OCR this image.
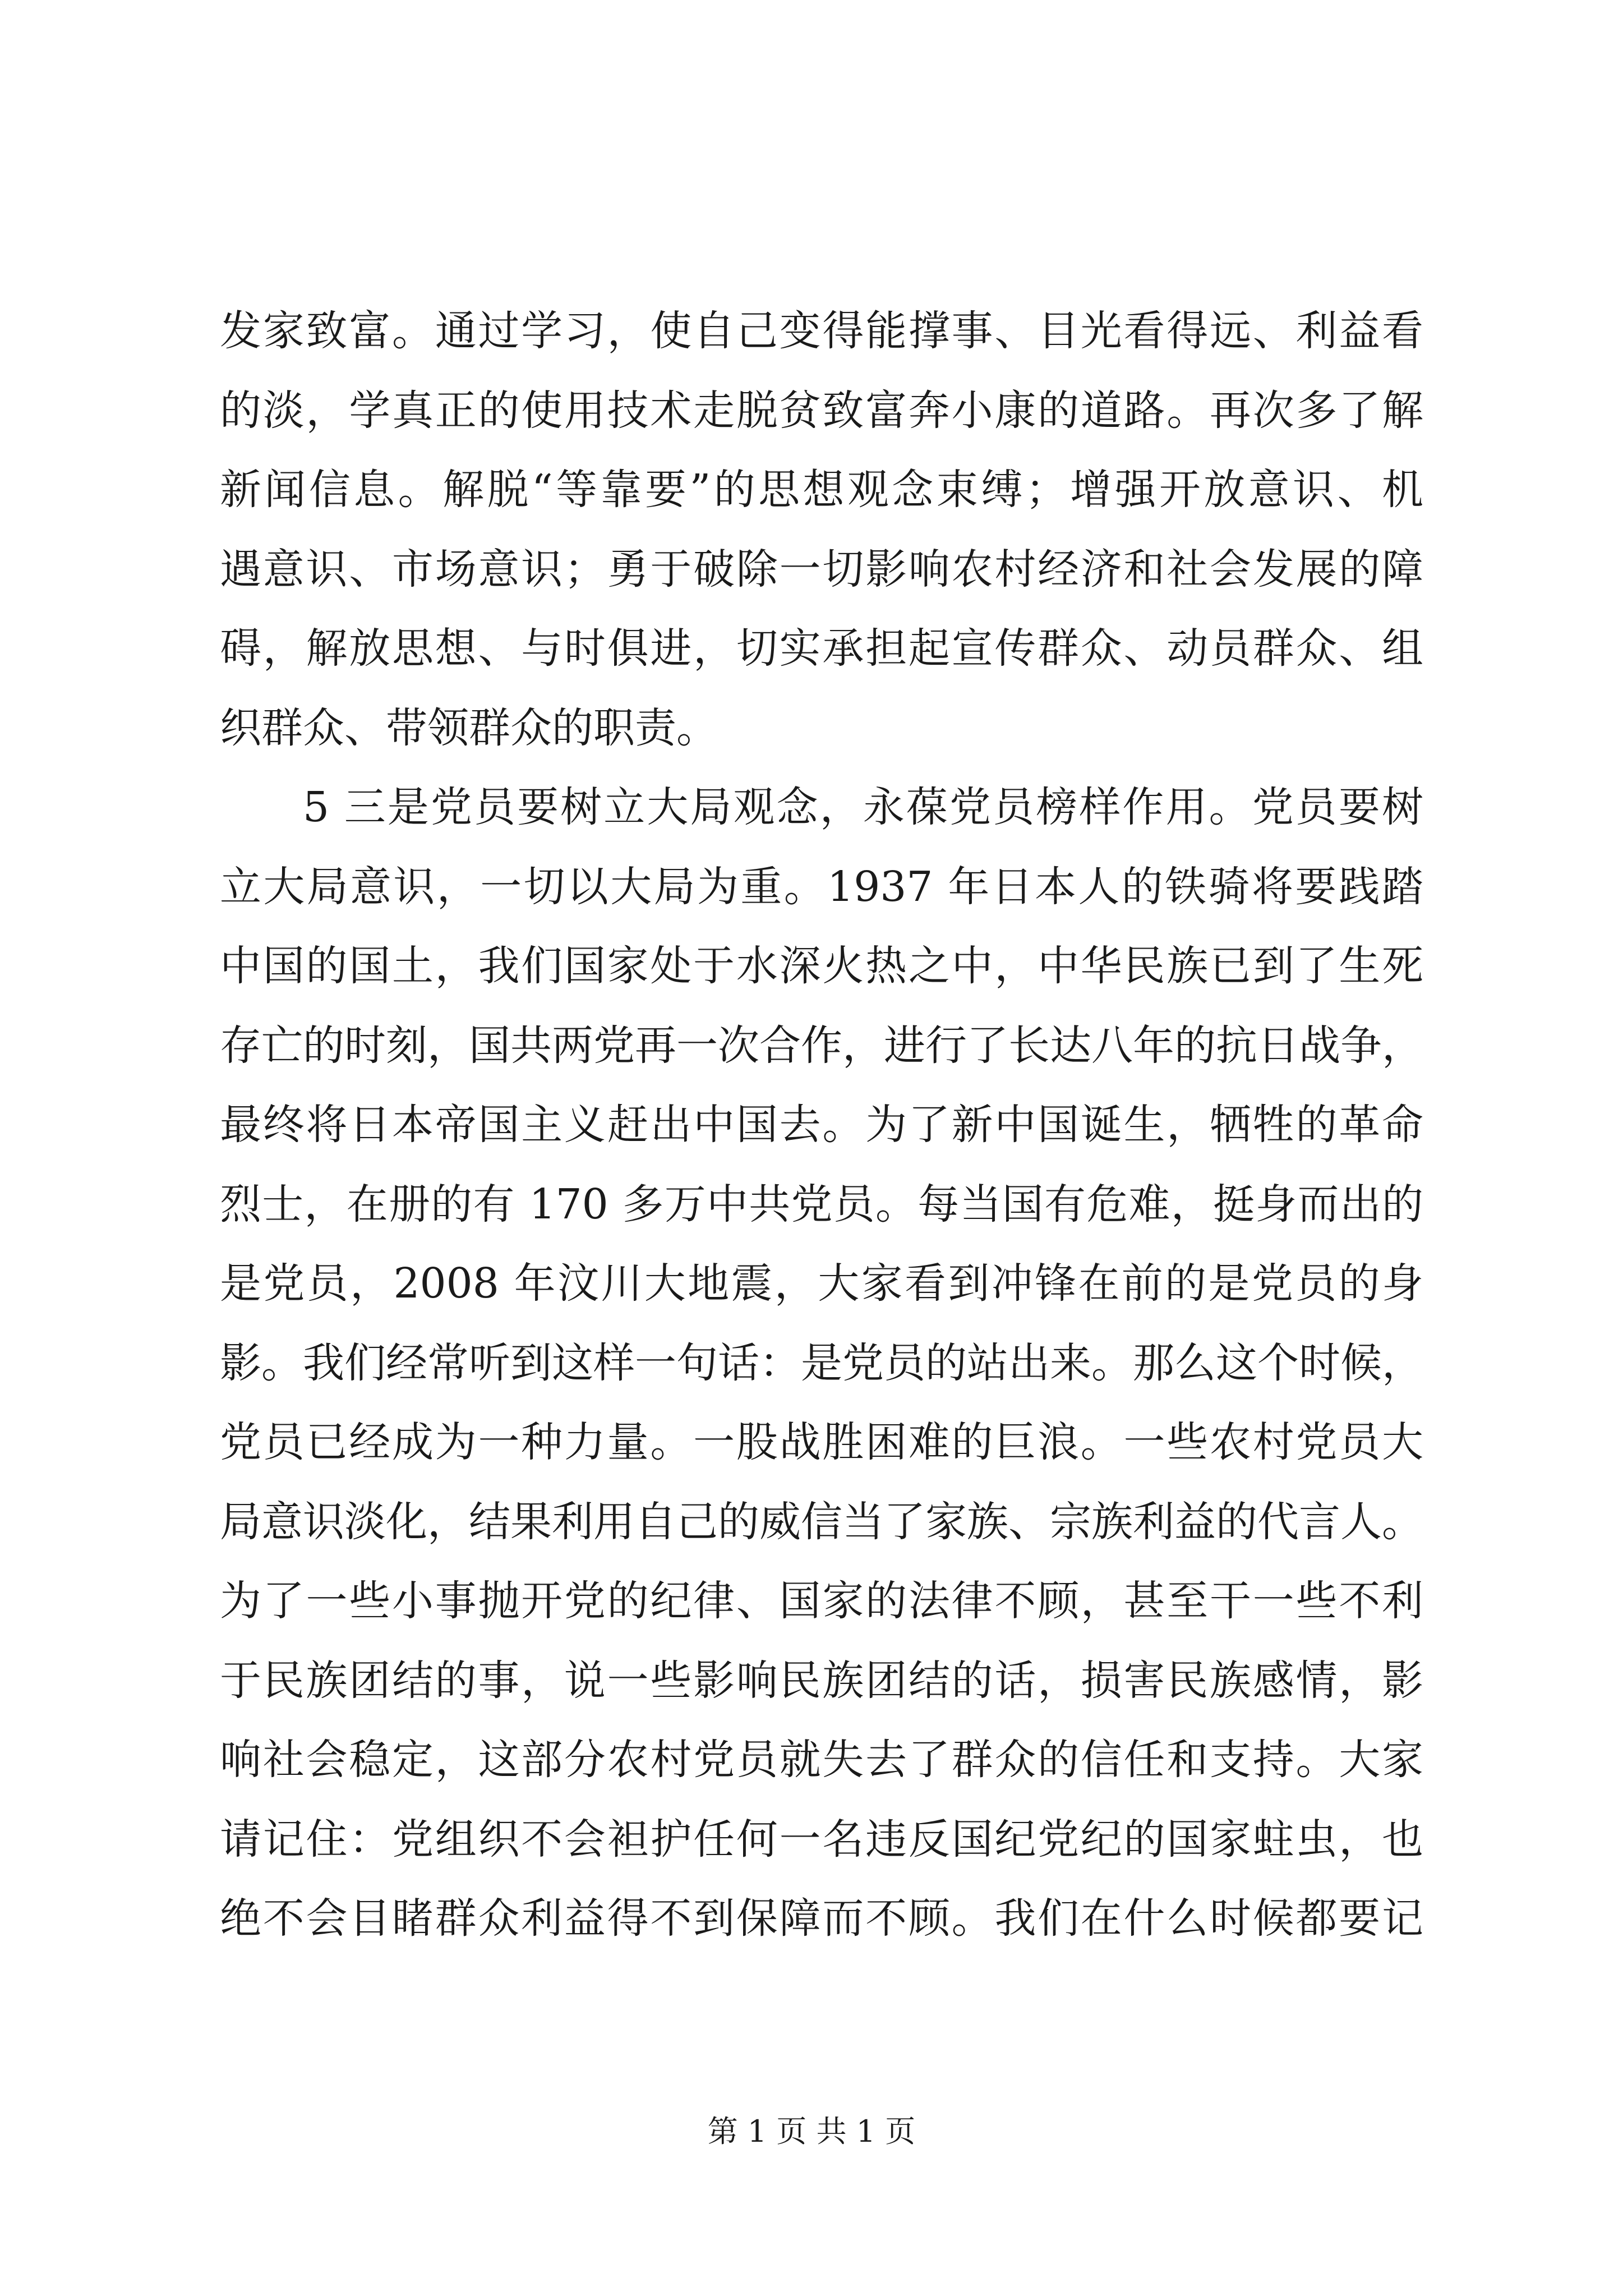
发家致富。通过学习，使自己变得能撑事、目光看得远、利益看
的淡，学真正的使用技术走脱贫致富奔小康的道路。再次多了解
新闻信息。解脱“等靠要”的思想观念束缚；增强开放意识、机
遇意识、市场意识；勇于破除一切影响农村经济和社会发展的障
碍，解放思想、与时俱进，切实承担起宣传群众、动员群众、组
织群众、带领群众的职责。
5 三是党员要树立大局观念，永葆党员榜样作用。党员要树
立大局意识，一切以大局为重。1937 年日本人的铁骑将要践踏
中国的国土，我们国家处于水深火热之中，中华民族已到了生死
存亡的时刻，国共两党再一次合作，进行了长达八年的抗日战争，
最终将日本帝国主义赶出中国去。为了新中国诞生，牺牲的革命
烈士，在册的有 170 多万中共党员。每当国有危难，挺身而出的
是党员，2008 年汶川大地震，大家看到冲锋在前的是党员的身
影。我们经常听到这样一句话：是党员的站出来。那么这个时候，
党员已经成为一种力量。一股战胜困难的巨浪。一些农村党员大
局意识淡化，结果利用自己的威信当了家族、宗族利益的代言人。
为了一些小事抛开党的纪律、国家的法律不顾，甚至干一些不利
于民族团结的事，说一些影响民族团结的话，损害民族感情，影
响社会稳定，这部分农村党员就失去了群众的信任和支持。大家
请记住：党组织不会袒护任何一名违反国纪党纪的国家蛀虫，也
绝不会目睹群众利益得不到保障而不顾。我们在什么时候都要记
第 1 页 共 1 页
